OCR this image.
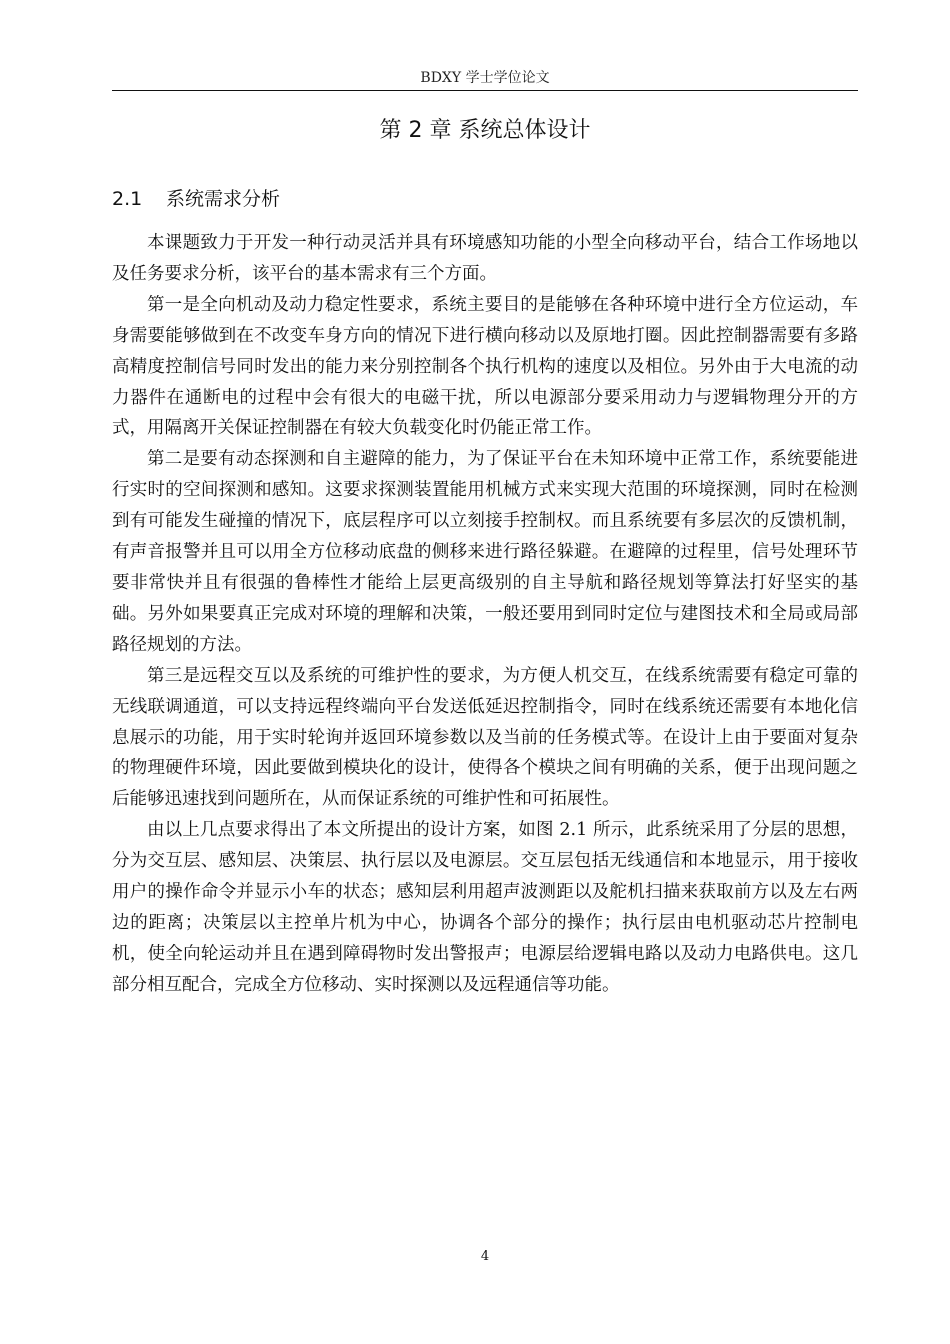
BDXY 学士学位论文
第 2 章 系统总体设计
2.1 系统需求分析

本课题致力于开发一种行动灵活并具有环境感知功能的小型全向移动平台，结合工作场地以及任务要求分析，该平台的基本需求有三个方面。

第一是全向机动及动力稳定性要求，系统主要目的是能够在各种环境中进行全方位运动，车身需要能够做到在不改变车身方向的情况下进行横向移动以及原地打圈。因此控制器需要有多路高精度控制信号同时发出的能力来分别控制各个执行机构的速度以及相位。另外由于大电流的动力器件在通断电的过程中会有很大的电磁干扰，所以电源部分要采用动力与逻辑物理分开的方式，用隔离开关保证控制器在有较大负载变化时仍能正常工作。

第二是要有动态探测和自主避障的能力，为了保证平台在未知环境中正常工作，系统要能进行实时的空间探测和感知。这要求探测装置能用机械方式来实现大范围的环境探测，同时在检测到有可能发生碰撞的情况下，底层程序可以立刻接手控制权。而且系统要有多层次的反馈机制，有声音报警并且可以用全方位移动底盘的侧移来进行路径躲避。在避障的过程里，信号处理环节要非常快并且有很强的鲁棒性才能给上层更高级别的自主导航和路径规划等算法打好坚实的基础。另外如果要真正完成对环境的理解和决策，一般还要用到同时定位与建图技术和全局或局部路径规划的方法。

第三是远程交互以及系统的可维护性的要求，为方便人机交互，在线系统需要有稳定可靠的无线联调通道，可以支持远程终端向平台发送低延迟控制指令，同时在线系统还需要有本地化信息展示的功能，用于实时轮询并返回环境参数以及当前的任务模式等。在设计上由于要面对复杂的物理硬件环境，因此要做到模块化的设计，使得各个模块之间有明确的关系，便于出现问题之后能够迅速找到问题所在，从而保证系统的可维护性和可拓展性。

由以上几点要求得出了本文所提出的设计方案，如图 2.1 所示，此系统采用了分层的思想，分为交互层、感知层、决策层、执行层以及电源层。交互层包括无线通信和本地显示，用于接收用户的操作命令并显示小车的状态；感知层利用超声波测距以及舵机扫描来获取前方以及左右两边的距离；决策层以主控单片机为中心，协调各个部分的操作；执行层由电机驱动芯片控制电机，使全向轮运动并且在遇到障碍物时发出警报声；电源层给逻辑电路以及动力电路供电。这几部分相互配合，完成全方位移动、实时探测以及远程通信等功能。

4
